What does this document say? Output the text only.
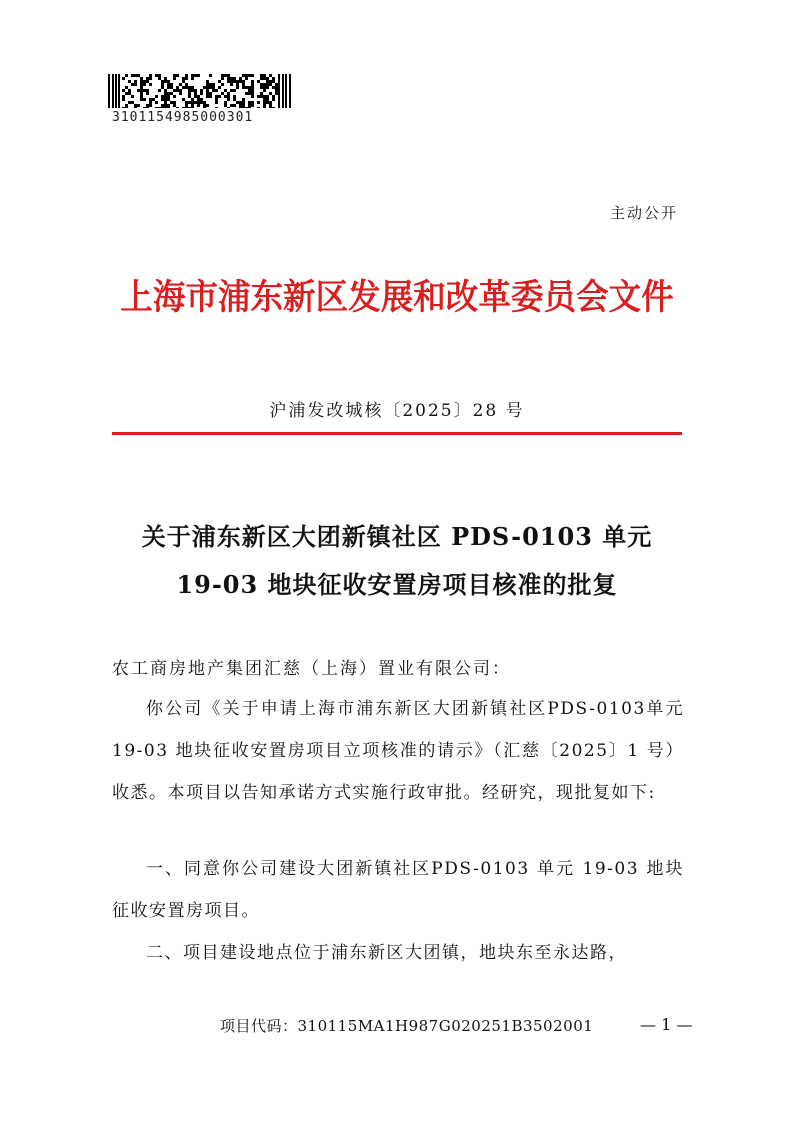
3101154985000301
主动公开
上海市浦东新区发展和改革委员会文件
沪浦发改城核〔2025〕28 号
关于浦东新区大团新镇社区 PDS-0103 单元
19-03 地块征收安置房项目核准的批复
农工商房地产集团汇慈（上海）置业有限公司：
你公司《关于申请上海市浦东新区大团新镇社区PDS-0103单元 19-03 地块征收安置房项目立项核准的请示》（汇慈〔2025〕1 号）收悉。本项目以告知承诺方式实施行政审批。经研究，现批复如下:
一、同意你公司建设大团新镇社区PDS-0103 单元 19-03 地块征收安置房项目。
二、项目建设地点位于浦东新区大团镇，地块东至永达路，
项目代码：310115MA1H987G020251B3502001	— 1 —
